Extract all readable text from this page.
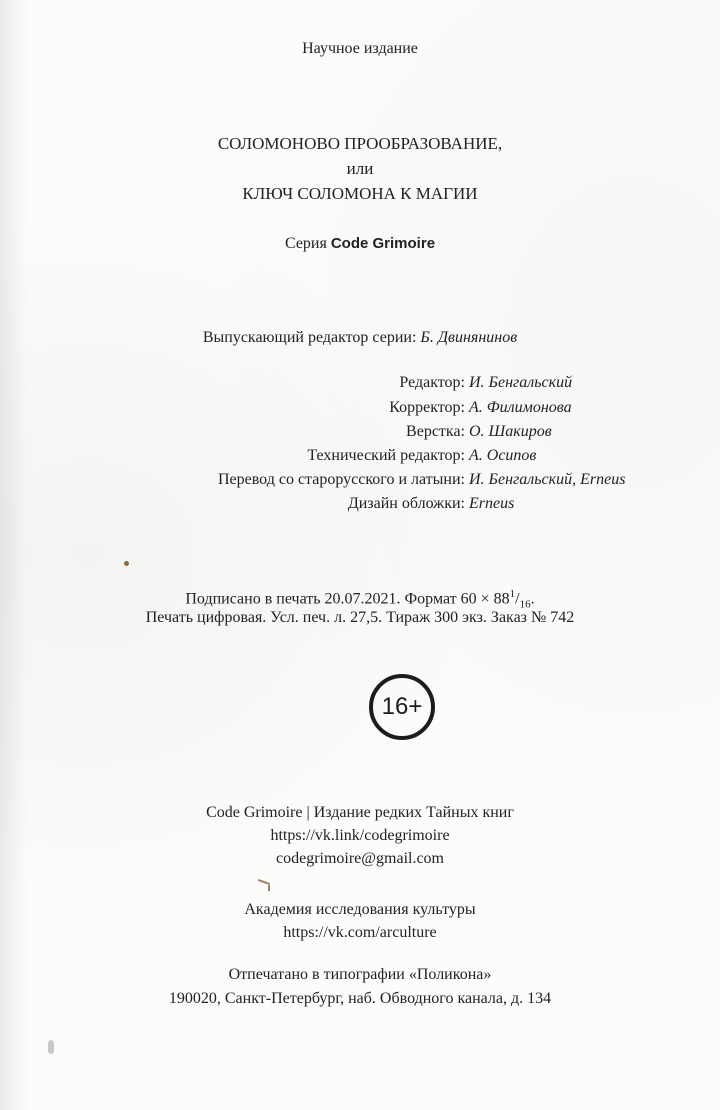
Научное издание
СОЛОМОНОВО ПРООБРАЗОВАНИЕ,
или
КЛЮЧ СОЛОМОНА К МАГИИ
Серия Code Grimoire
Выпускающий редактор серии: Б. Двинянинов
Редактор: И. Бенгальский
Корректор: А. Филимонова
Верстка: О. Шакиров
Технический редактор: А. Осипов
Перевод со старорусского и латыни: И. Бенгальский, Erneus
Дизайн обложки: Erneus
Подписано в печать 20.07.2021. Формат $60 \times 88^1/_{16}$.
Печать цифровая. Усл. печ. л. 27,5. Тираж 300 экз. Заказ № 742
16+
Code Grimoire | Издание редких Тайных книг
https://vk.link/codegrimoire
codegrimoire@gmail.com
Академия исследования культуры
https://vk.com/arculture
Отпечатано в типографии «Поликона»
190020, Санкт-Петербург, наб. Обводного канала, д. 134
